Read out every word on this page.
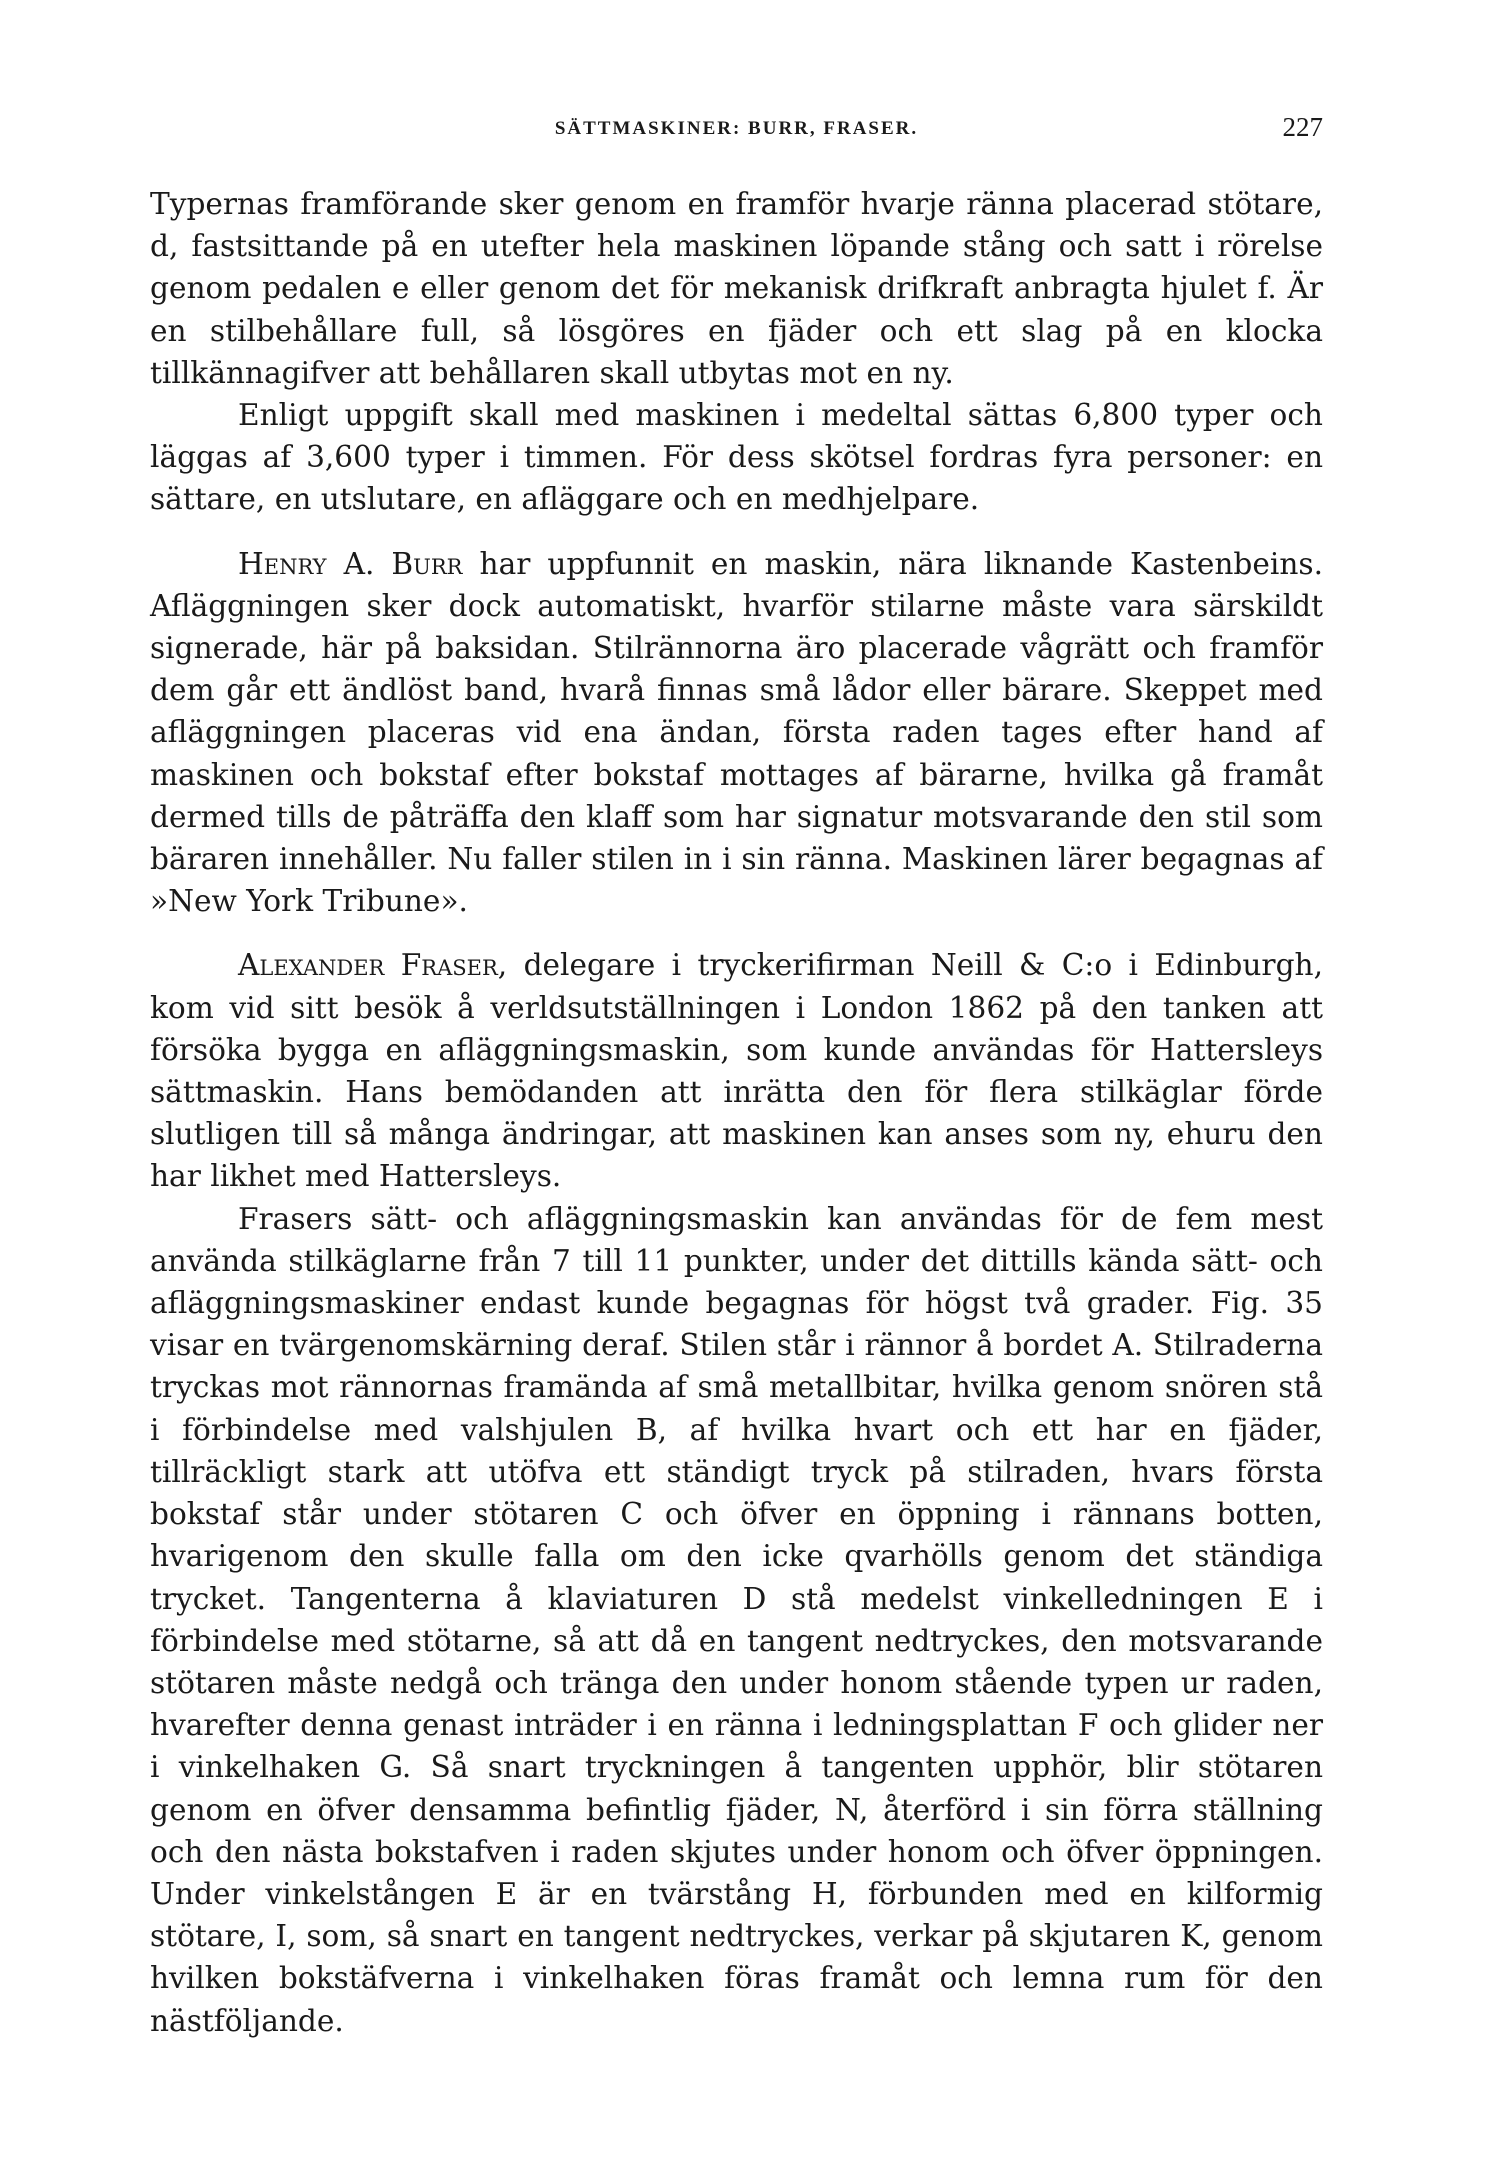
SÄTTMASKINER: BURR, FRASER.	227

Typernas framförande sker genom en framför hvarje ränna placerad stötare, d, fastsittande på en utefter hela maskinen löpande stång och satt i rörelse genom pedalen e eller genom det för mekanisk drifkraft anbragta hjulet f. Är en stilbehållare full, så lösgöres en fjäder och ett slag på en klocka tillkännagifver att behållaren skall utbytas mot en ny.

Enligt uppgift skall med maskinen i medeltal sättas 6,800 typer och läggas af 3,600 typer i timmen. För dess skötsel fordras fyra personer: en sättare, en utslutare, en afläggare och en medhjelpare.

Henry A. Burr har uppfunnit en maskin, nära liknande Kastenbeins. Afläggningen sker dock automatiskt, hvarför stilarne måste vara särskildt signerade, här på baksidan. Stilrännorna äro placerade vågrätt och framför dem går ett ändlöst band, hvarå finnas små lådor eller bärare. Skeppet med afläggningen placeras vid ena ändan, första raden tages efter hand af maskinen och bokstaf efter bokstaf mottages af bärarne, hvilka gå framåt dermed tills de påträffa den klaff som har signatur motsvarande den stil som bäraren innehåller. Nu faller stilen in i sin ränna. Maskinen lärer begagnas af »New York Tribune».

Alexander Fraser, delegare i tryckerifirman Neill & C:o i Edinburgh, kom vid sitt besök å verldsutställningen i London 1862 på den tanken att försöka bygga en afläggningsmaskin, som kunde användas för Hattersleys sättmaskin. Hans bemödanden att inrätta den för flera stilkäglar förde slutligen till så många ändringar, att maskinen kan anses som ny, ehuru den har likhet med Hattersleys.

Frasers sätt- och afläggningsmaskin kan användas för de fem mest använda stilkäglarne från 7 till 11 punkter, under det dittills kända sätt- och afläggningsmaskiner endast kunde begagnas för högst två grader. Fig. 35 visar en tvärgenomskärning deraf. Stilen står i rännor å bordet A. Stilraderna tryckas mot rännornas framända af små metallbitar, hvilka genom snören stå i förbindelse med valshjulen B, af hvilka hvart och ett har en fjäder, tillräckligt stark att utöfva ett ständigt tryck på stilraden, hvars första bokstaf står under stötaren C och öfver en öppning i rännans botten, hvarigenom den skulle falla om den icke qvarhölls genom det ständiga trycket. Tangenterna å klaviaturen D stå medelst vinkelledningen E i förbindelse med stötarne, så att då en tangent nedtryckes, den motsvarande stötaren måste nedgå och tränga den under honom stående typen ur raden, hvarefter denna genast inträder i en ränna i ledningsplattan F och glider ner i vinkelhaken G. Så snart tryckningen å tangenten upphör, blir stötaren genom en öfver densamma befintlig fjäder, N, återförd i sin förra ställning och den nästa bokstafven i raden skjutes under honom och öfver öppningen. Under vinkelstången E är en tvärstång H, förbunden med en kilformig stötare, I, som, så snart en tangent nedtryckes, verkar på skjutaren K, genom hvilken bokstäfverna i vinkelhaken föras framåt och lemna rum för den nästföljande.
